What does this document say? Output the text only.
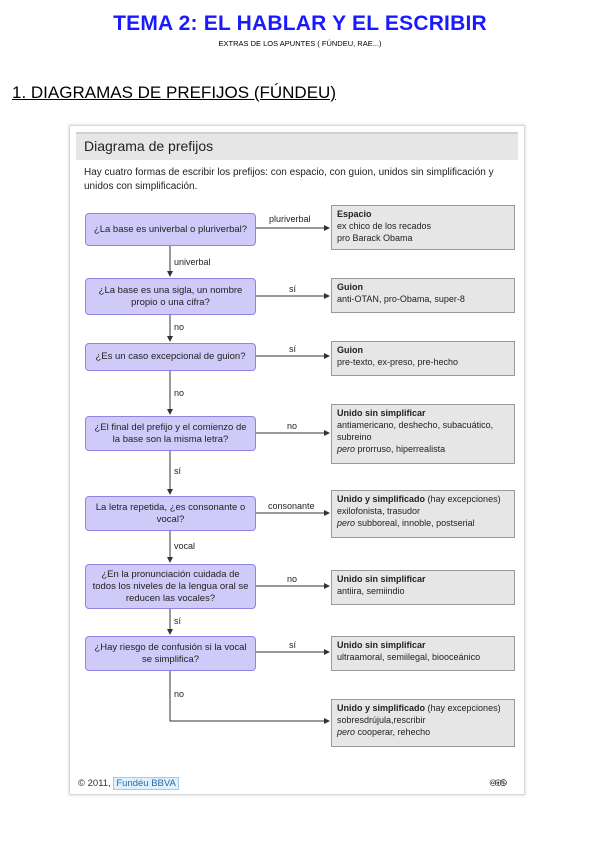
TEMA 2: EL HABLAR Y EL ESCRIBIR
EXTRAS DE LOS APUNTES ( FÚNDEU, RAE...)
1. DIAGRAMAS DE PREFIJOS (FÚNDEU)
Diagrama de prefijos
Hay cuatro formas de escribir los prefijos: con espacio, con guion, unidos sin simplificación y unidos con simplificación.
¿La base es univerbal o pluriverbal?
¿La base es una sigla, un nombre propio o una cifra?
¿Es un caso excepcional de guion?
¿El final del prefijo y el comienzo de la base son la misma letra?
La letra repetida, ¿es consonante o vocal?
¿En la pronunciación cuidada de todos los niveles de la lengua oral se reducen las vocales?
¿Hay riesgo de confusión si la vocal se simplifica?
pluriverbal
sí
sí
no
consonante
no
sí
univerbal
no
no
sí
vocal
sí
no
Espacio
ex chico de los recados
pro Barack Obama
Guion
anti-OTAN, pro-Obama, super-8
Guion
pre-texto, ex-preso, pre-hecho
Unido sin simplificar
antiamericano, deshecho, subacuático,
subreino
pero prorruso, hiperrealista
Unido y simplificado (hay excepciones)
exilofonista, trasudor
pero subboreal, innoble, postserial
Unido sin simplificar
antiira, semiindio
Unido sin simplificar
ultraamoral, semiilegal, biooceánico
Unido y simplificado (hay excepciones)
sobresdrújula,rescribir
pero cooperar, rehecho
© 2011, Fundéu BBVA	🅭🅯🄏
